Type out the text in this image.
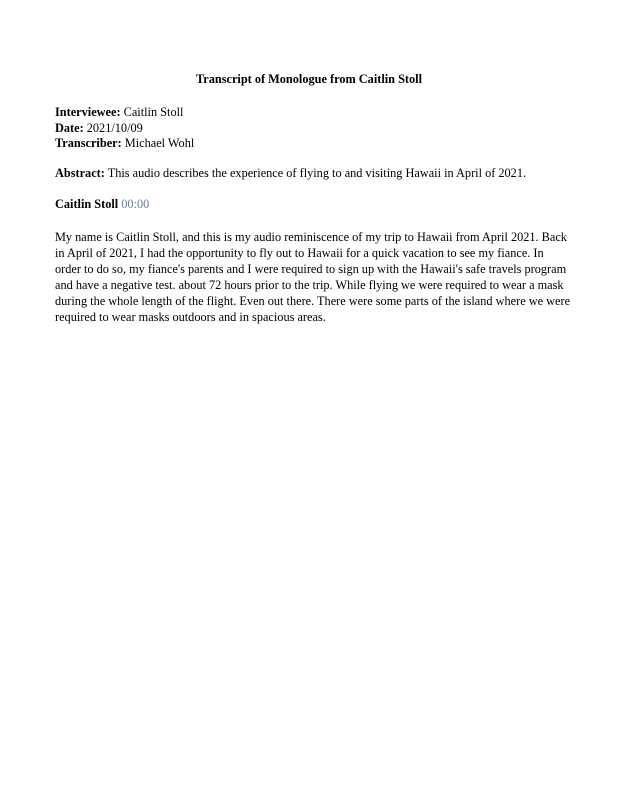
Transcript of Monologue from Caitlin Stoll
Interviewee: Caitlin Stoll
Date: 2021/10/09
Transcriber: Michael Wohl
Abstract: This audio describes the experience of flying to and visiting Hawaii in April of 2021.
Caitlin Stoll 00:00
My name is Caitlin Stoll, and this is my audio reminiscence of my trip to Hawaii from April 2021. Back
in April of 2021, I had the opportunity to fly out to Hawaii for a quick vacation to see my fiance. In
order to do so, my fiance's parents and I were required to sign up with the Hawaii's safe travels program
and have a negative test. about 72 hours prior to the trip. While flying we were required to wear a mask
during the whole length of the flight. Even out there. There were some parts of the island where we were
required to wear masks outdoors and in spacious areas.
